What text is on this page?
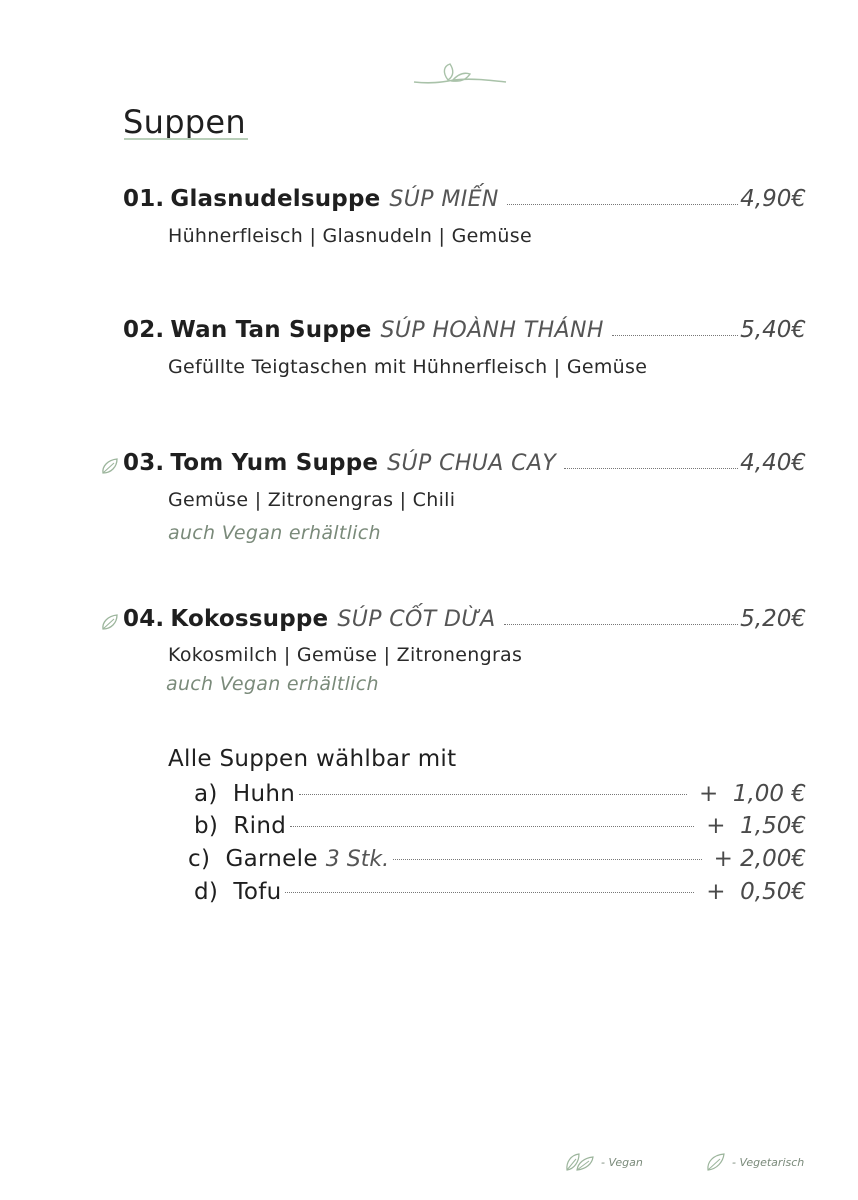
Suppen
01. Glasnudelsuppe SÚP MIẾN	4,90€
Hühnerfleisch | Glasnudeln | Gemüse
02. Wan Tan Suppe SÚP HOÀNH THÁNH	5,40€
Gefüllte Teigtaschen mit Hühnerfleisch | Gemüse
03. Tom Yum Suppe SÚP CHUA CAY	4,40€
Gemüse | Zitronengras | Chili
auch Vegan erhältlich
04. Kokossuppe SÚP CỐT DỪA	5,20€
Kokosmilch | Gemüse | Zitronengras
auch Vegan erhältlich
Alle Suppen wählbar mit
a)  Huhn	+  1,00 €
b)  Rind	+  1,50€
c)  Garnele 3 Stk.	+ 2,00€
d)  Tofu	+  0,50€
- Vegan	- Vegetarisch
